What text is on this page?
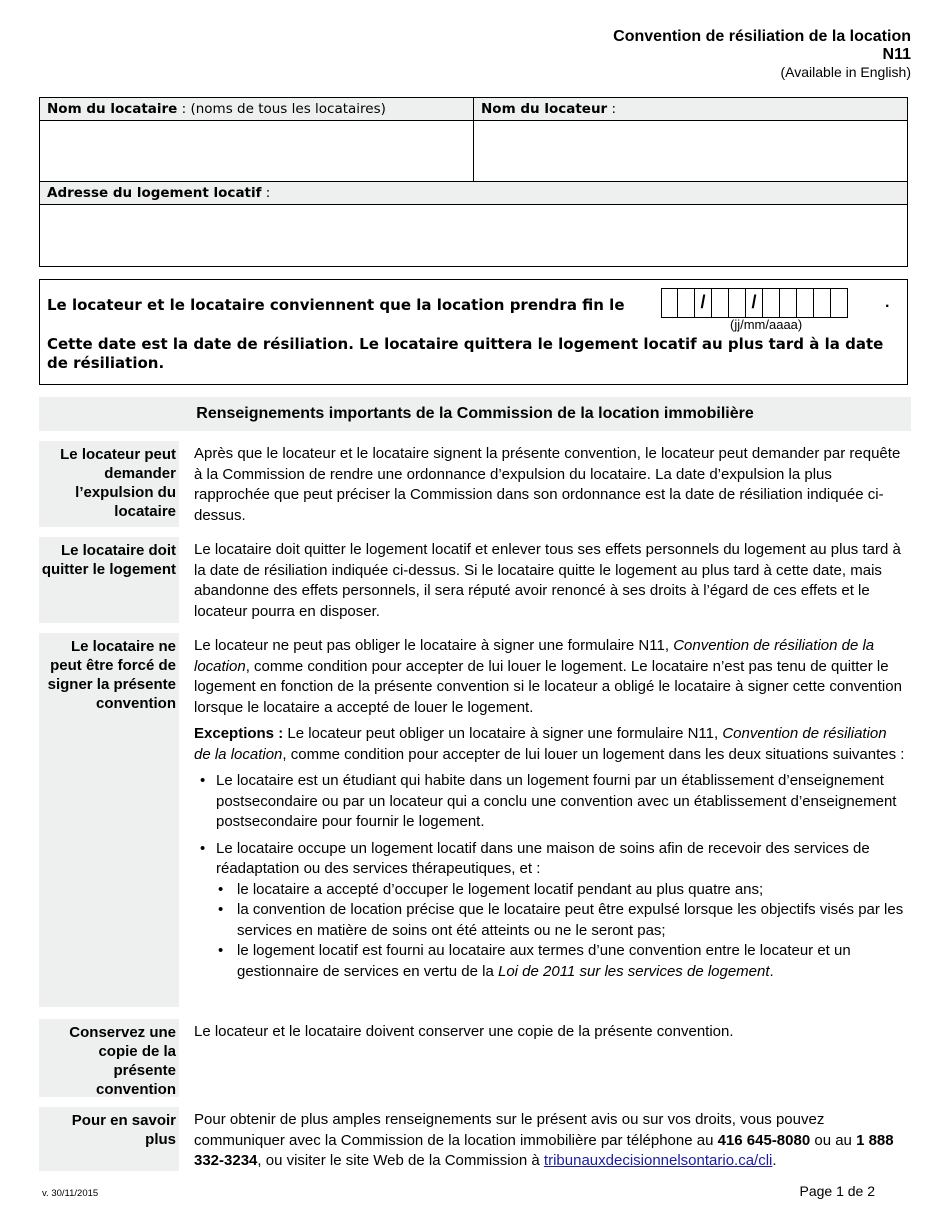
Convention de résiliation de la location
N11
(Available in English)
Nom du locataire : (noms de tous les locataires)	Nom du locateur :
Adresse du logement locatif :
Le locateur et le locataire conviennent que la location prendra fin le	/	/	.
(jj/mm/aaaa)
Cette date est la date de résiliation. Le locataire quittera le logement locatif au plus tard à la date de résiliation.
Renseignements importants de la Commission de la location immobilière
Le locateur peut demander l’expulsion du locataire

Après que le locateur et le locataire signent la présente convention, le locateur peut demander par requête à la Commission de rendre une ordonnance d’expulsion du locataire. La date d’expulsion la plus rapprochée que peut préciser la Commission dans son ordonnance est la date de résiliation indiquée ci-dessus.

Le locataire doit quitter le logement

Le locataire doit quitter le logement locatif et enlever tous ses effets personnels du logement au plus tard à la date de résiliation indiquée ci-dessus. Si le locataire quitte le logement au plus tard à cette date, mais abandonne des effets personnels, il sera réputé avoir renoncé à ses droits à l’égard de ces effets et le locateur pourra en disposer.

Le locataire ne peut être forcé de signer la présente convention

Le locateur ne peut pas obliger le locataire à signer une formulaire N11, Convention de résiliation de la location, comme condition pour accepter de lui louer le logement. Le locataire n’est pas tenu de quitter le logement en fonction de la présente convention si le locateur a obligé le locataire à signer cette convention lorsque le locataire a accepté de louer le logement.

Exceptions : Le locateur peut obliger un locataire à signer une formulaire N11, Convention de résiliation de la location, comme condition pour accepter de lui louer un logement dans les deux situations suivantes :

• Le locataire est un étudiant qui habite dans un logement fourni par un établissement d’enseignement postsecondaire ou par un locateur qui a conclu une convention avec un établissement d’enseignement postsecondaire pour fournir le logement.

• Le locataire occupe un logement locatif dans une maison de soins afin de recevoir des services de réadaptation ou des services thérapeutiques, et :
• le locataire a accepté d’occuper le logement locatif pendant au plus quatre ans;
• la convention de location précise que le locataire peut être expulsé lorsque les objectifs visés par les services en matière de soins ont été atteints ou ne le seront pas;
• le logement locatif est fourni au locataire aux termes d’une convention entre le locateur et un gestionnaire de services en vertu de la Loi de 2011 sur les services de logement.
Conservez une copie de la présente convention

Le locateur et le locataire doivent conserver une copie de la présente convention.

Pour en savoir plus

Pour obtenir de plus amples renseignements sur le présent avis ou sur vos droits, vous pouvez communiquer avec la Commission de la location immobilière par téléphone au 416 645-8080 ou au 1 888 332-3234, ou visiter le site Web de la Commission à tribunauxdecisionnelsontario.ca/cli.

v. 30/11/2015	Page 1 de 2
